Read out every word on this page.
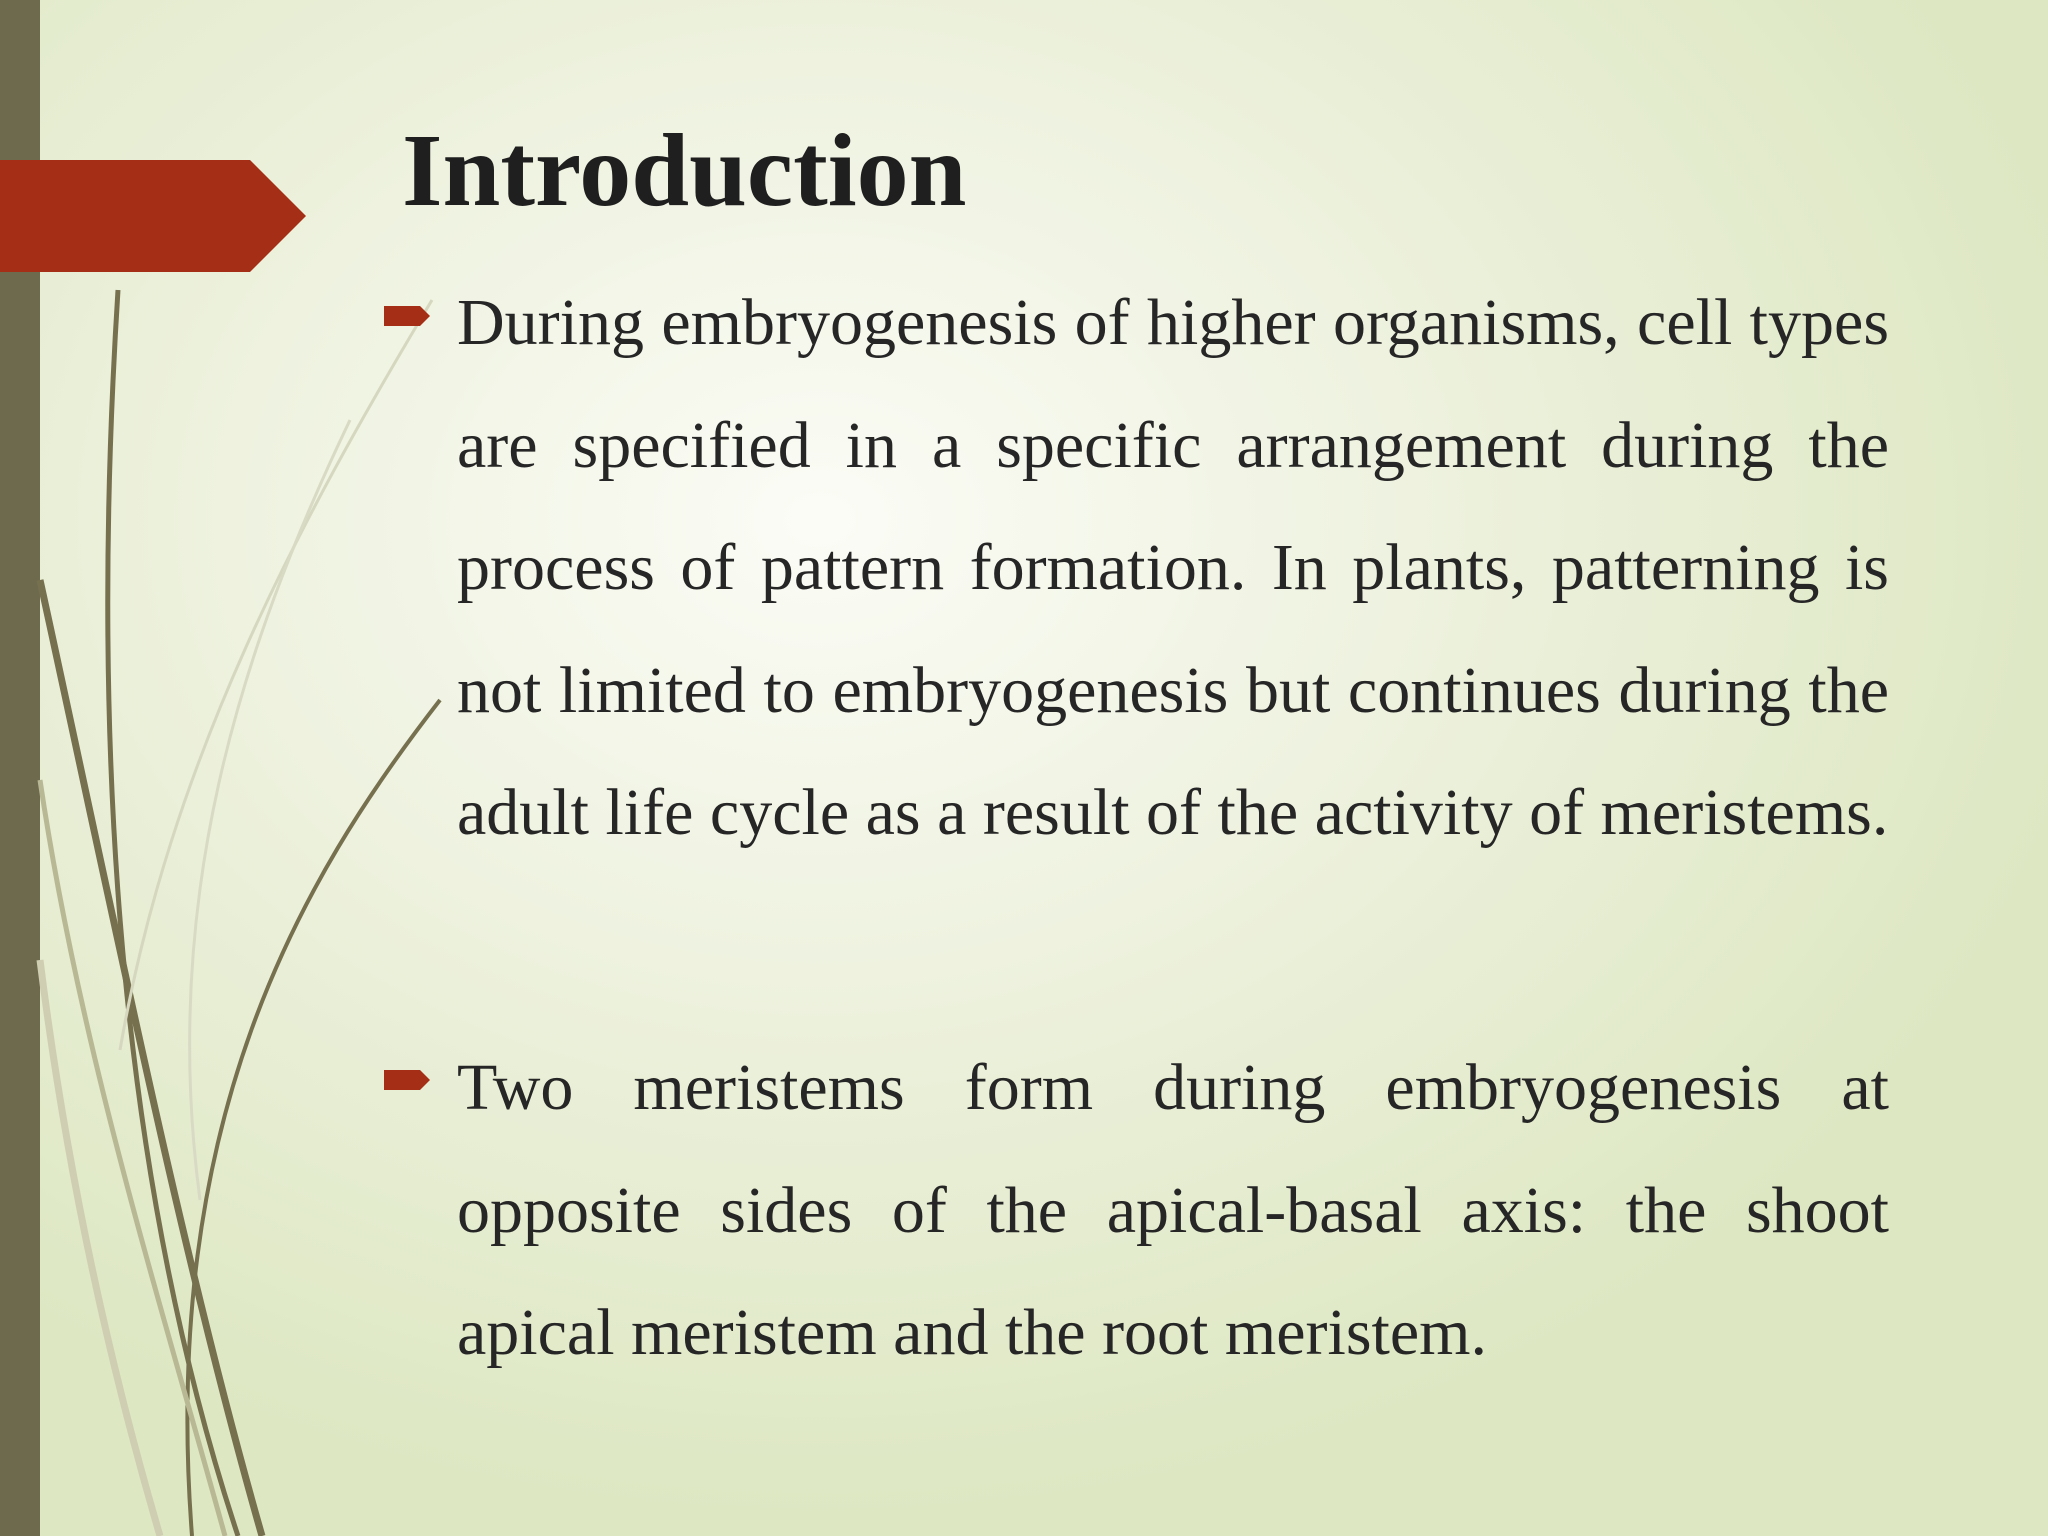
Introduction
During embryogenesis of higher organisms, cell types are specified in a specific arrangement during the process of pattern formation. In plants, patterning is not limited to embryogenesis but continues during the adult life cycle as a result of the activity of meristems.
Two meristems form during embryogenesis at opposite sides of the apical-basal axis: the shoot apical meristem and the root meristem.
